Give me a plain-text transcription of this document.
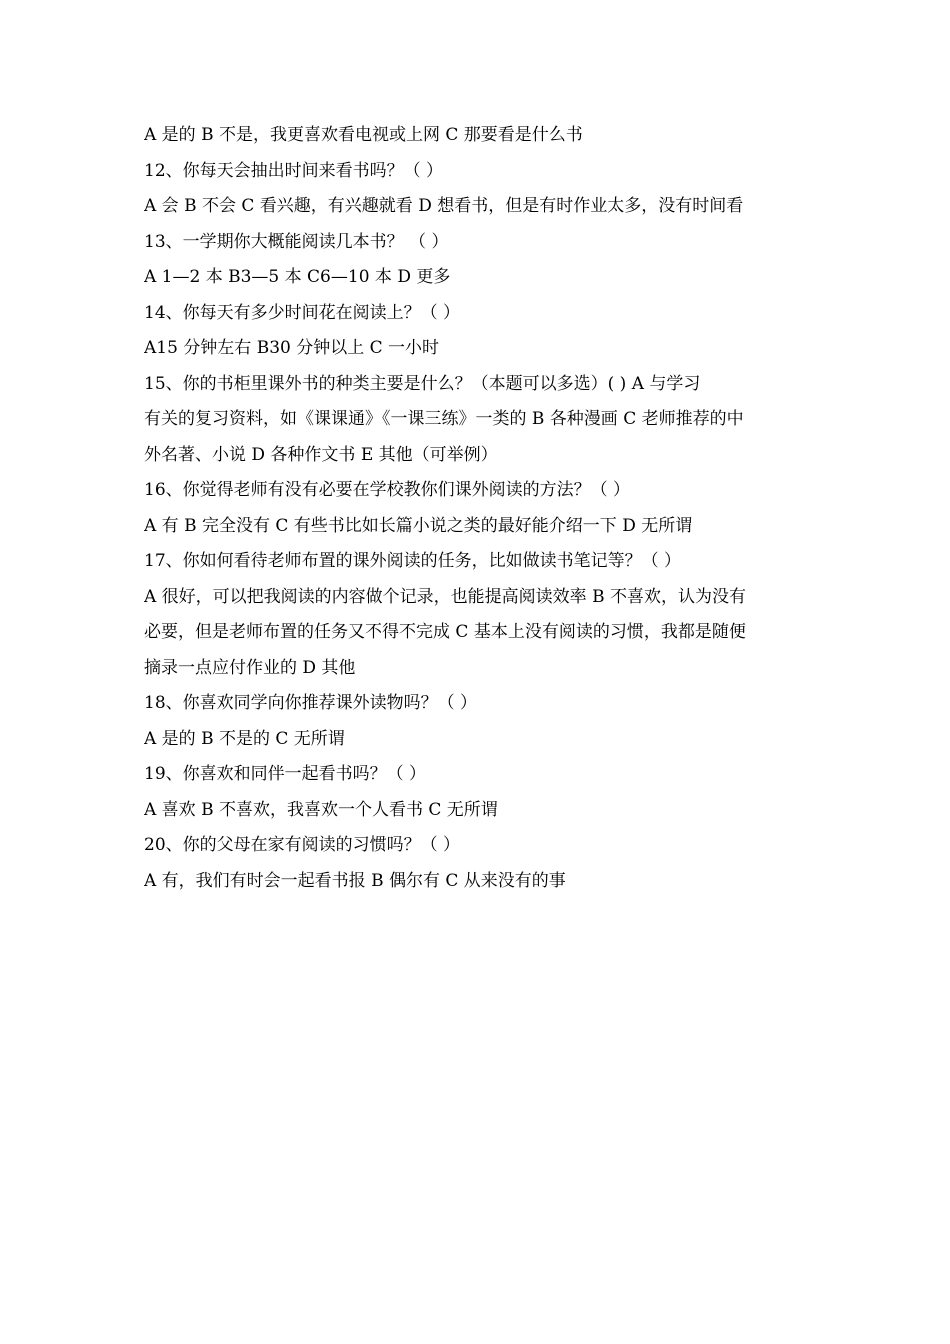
A 是的 B 不是，我更喜欢看电视或上网 C 那要看是什么书
12、你每天会抽出时间来看书吗？（ ）
A 会 B 不会 C 看兴趣，有兴趣就看 D 想看书，但是有时作业太多，没有时间看
13、一学期你大概能阅读几本书？ （ ）
A 1—2 本 B3—5 本 C6—10 本 D 更多
14、你每天有多少时间花在阅读上？（ ）
A15 分钟左右 B30 分钟以上 C 一小时
15、你的书柜里课外书的种类主要是什么？（本题可以多选）( ) A 与学习
有关的复习资料，如《课课通》《一课三练》一类的 B 各种漫画 C 老师推荐的中
外名著、小说 D 各种作文书 E 其他（可举例）
16、你觉得老师有没有必要在学校教你们课外阅读的方法？（ ）
A 有 B 完全没有 C 有些书比如长篇小说之类的最好能介绍一下 D 无所谓
17、你如何看待老师布置的课外阅读的任务，比如做读书笔记等？（ ）
A 很好，可以把我阅读的内容做个记录，也能提高阅读效率 B 不喜欢，认为没有
必要，但是老师布置的任务又不得不完成 C 基本上没有阅读的习惯，我都是随便
摘录一点应付作业的 D 其他
18、你喜欢同学向你推荐课外读物吗？（ ）
A 是的 B 不是的 C 无所谓
19、你喜欢和同伴一起看书吗？（ ）
A 喜欢 B 不喜欢，我喜欢一个人看书 C 无所谓
20、你的父母在家有阅读的习惯吗？（ ）
A 有，我们有时会一起看书报 B 偶尔有 C 从来没有的事
